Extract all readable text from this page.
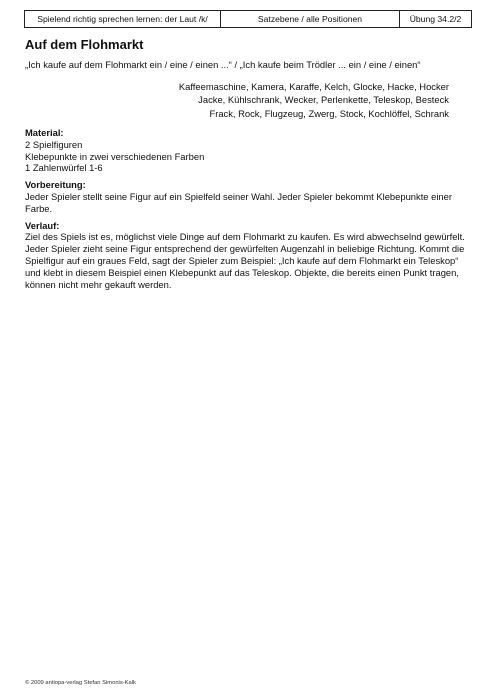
Spielend richtig sprechen lernen: der Laut /k/	Satzebene / alle Positionen	Übung 34.2/2
Auf dem Flohmarkt

„Ich kaufe auf dem Flohmarkt ein / eine / einen ...“ / „Ich kaufe beim Trödler ... ein / eine / einen“

Kaffeemaschine, Kamera, Karaffe, Kelch, Glocke, Hacke, Hocker
Jacke, Kühlschrank, Wecker, Perlenkette, Teleskop, Besteck
Frack, Rock, Flugzeug, Zwerg, Stock, Kochlöffel, Schrank

Material:

2 Spielfiguren

Klebepunkte in zwei verschiedenen Farben

1 Zahlenwürfel 1-6

Vorbereitung:

Jeder Spieler stellt seine Figur auf ein Spielfeld seiner Wahl. Jeder Spieler bekommt Klebepunkte einer Farbe.

Verlauf:

Ziel des Spiels ist es, möglichst viele Dinge auf dem Flohmarkt zu kaufen. Es wird abwechselnd gewürfelt. Jeder Spieler zieht seine Figur entsprechend der gewürfelten Augenzahl in beliebige Richtung. Kommt die Spielfigur auf ein graues Feld, sagt der Spieler zum Beispiel: „Ich kaufe auf dem Flohmarkt ein Teleskop“ und klebt in diesem Beispiel einen Klebepunkt auf das Teleskop. Objekte, die bereits einen Punkt tragen, können nicht mehr gekauft werden.

© 2009 antiopa-verlag Stefan Simonis-Kalk
